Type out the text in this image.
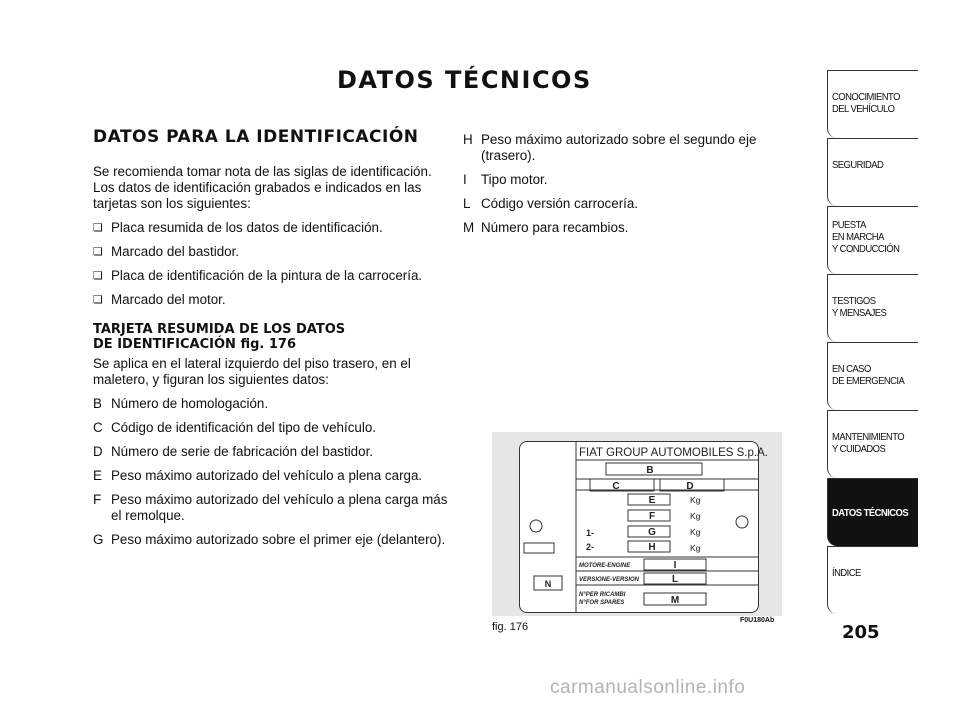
DATOS TÉCNICOS
DATOS PARA LA IDENTIFICACIÓN

Se recomienda tomar nota de las siglas de identificación. Los datos de identificación grabados e indicados en las tarjetas son los siguientes:

❏ Placa resumida de los datos de identificación.
❏ Marcado del bastidor.
❏ Placa de identificación de la pintura de la carrocería.
❏ Marcado del motor.
TARJETA RESUMIDA DE LOS DATOS
DE IDENTIFICACIÓN fig. 176

Se aplica en el lateral izquierdo del piso trasero, en el maletero, y figuran los siguientes datos:

B Número de homologación.
C Código de identificación del tipo de vehículo.
D Número de serie de fabricación del bastidor.
E Peso máximo autorizado del vehículo a plena carga.
F Peso máximo autorizado del vehículo a plena carga más el remolque.
G Peso máximo autorizado sobre el primer eje (delantero).
H Peso máximo autorizado sobre el segundo eje (trasero).
I	Tipo motor.
L Código versión carrocería.
M Número para recambios.
FIAT GROUP AUTOMOBILES S.p.A.
B
C	D
E
F
G
H
Kg
Kg
Kg
Kg
1-
2-
MOTORE-ENGINE
VERSIONE-VERSION
N°PER RICAMBI
N°FOR SPARES
I
L
M
N
fig. 176
F0U180Ab
CONOCIMIENTO
DEL VEHÍCULO
SEGURIDAD
PUESTA
EN MARCHA
Y CONDUCCIÓN
TESTIGOS
Y MENSAJES
EN CASO
DE EMERGENCIA
MANTENIMIENTO
Y CUIDADOS
DATOS TÉCNICOS
ÍNDICE
205
carmanualsonline.info
